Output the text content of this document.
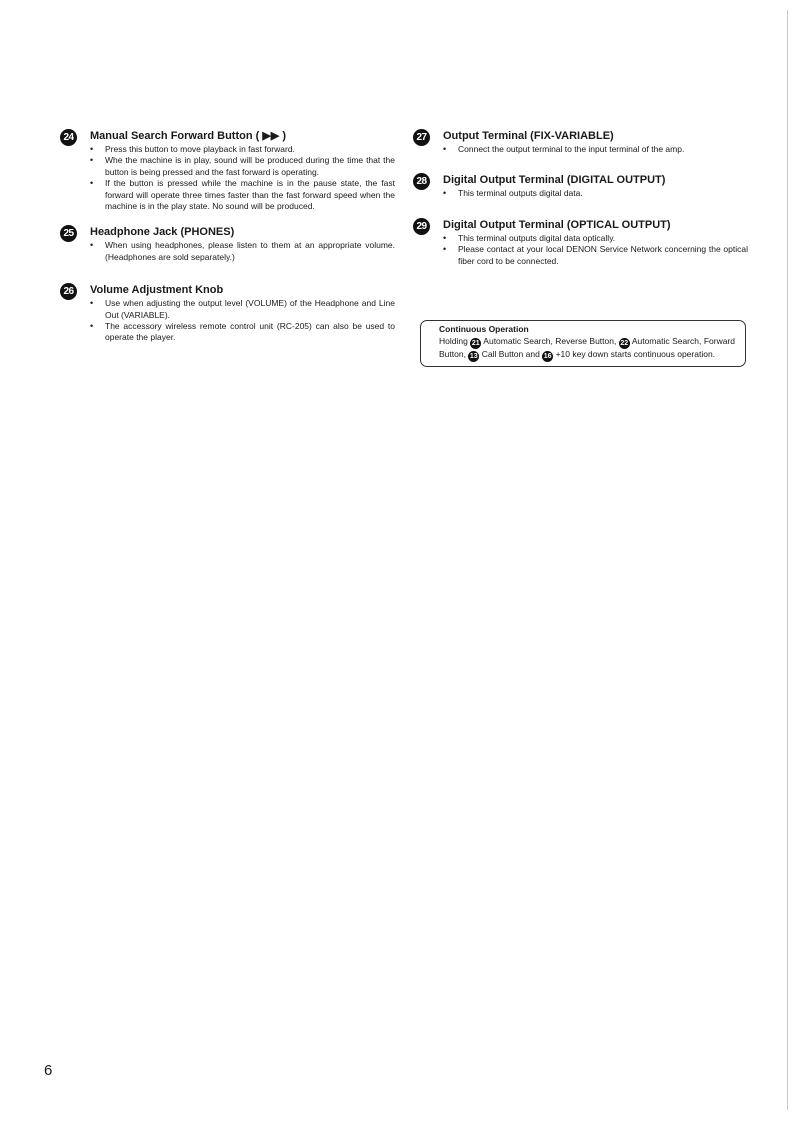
24	Manual Search Forward Button ( ▶▶ )
• Press this button to move playback in fast forward.
• Whe the machine is in play, sound will be produced during the time that the button is being pressed and the fast forward is operating.
• If the button is pressed while the machine is in the pause state, the fast forward will operate three times faster than the fast forward speed when the machine is in the play state. No sound will be produced.
25	Headphone Jack (PHONES)
• When using headphones, please listen to them at an appropriate volume. (Headphones are sold separately.)
26	Volume Adjustment Knob
• Use when adjusting the output level (VOLUME) of the Headphone and Line Out (VARIABLE).
• The accessory wireless remote control unit (RC-205) can also be used to operate the player.
27	Output Terminal (FIX-VARIABLE)
• Connect the output terminal to the input terminal of the amp.
28	Digital Output Terminal (DIGITAL OUTPUT)
• This terminal outputs digital data.
29	Digital Output Terminal (OPTICAL OUTPUT)
• This terminal outputs digital data optically.
• Please contact at your local DENON Service Network concerning the optical fiber cord to be connected.
Continuous Operation
Holding 21 Automatic Search, Reverse Button, 22 Automatic Search, Forward Button, 13 Call Button and 16 +10 key down starts continuous operation.
6
